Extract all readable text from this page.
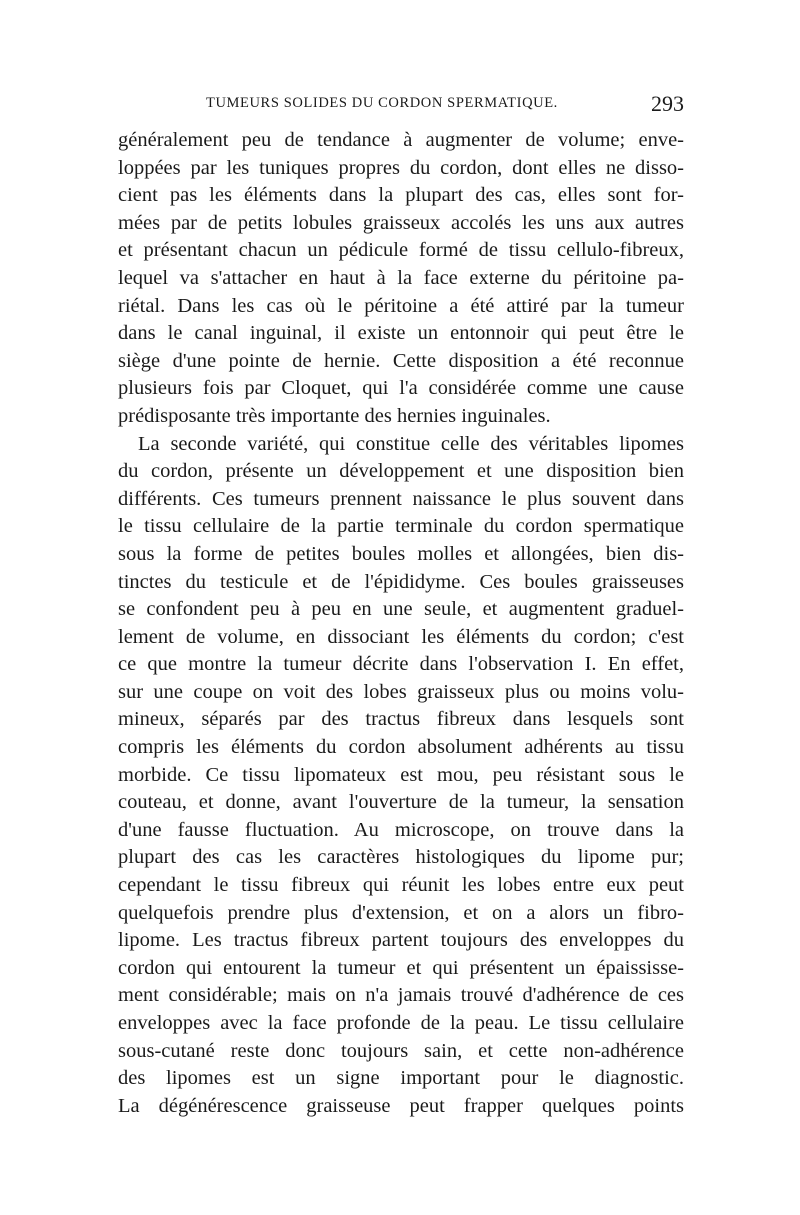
TUMEURS SOLIDES DU CORDON SPERMATIQUE.	293
généralement peu de tendance à augmenter de volume; enve-
loppées par les tuniques propres du cordon, dont elles ne disso-
cient pas les éléments dans la plupart des cas, elles sont for-
mées par de petits lobules graisseux accolés les uns aux autres
et présentant chacun un pédicule formé de tissu cellulo-fibreux,
lequel va s'attacher en haut à la face externe du péritoine pa-
riétal. Dans les cas où le péritoine a été attiré par la tumeur
dans le canal inguinal, il existe un entonnoir qui peut être le
siège d'une pointe de hernie. Cette disposition a été reconnue
plusieurs fois par Cloquet, qui l'a considérée comme une cause
prédisposante très importante des hernies inguinales.
La seconde variété, qui constitue celle des véritables lipomes
du cordon, présente un développement et une disposition bien
différents. Ces tumeurs prennent naissance le plus souvent dans
le tissu cellulaire de la partie terminale du cordon spermatique
sous la forme de petites boules molles et allongées, bien dis-
tinctes du testicule et de l'épididyme. Ces boules graisseuses
se confondent peu à peu en une seule, et augmentent graduel-
lement de volume, en dissociant les éléments du cordon; c'est
ce que montre la tumeur décrite dans l'observation I. En effet,
sur une coupe on voit des lobes graisseux plus ou moins volu-
mineux, séparés par des tractus fibreux dans lesquels sont
compris les éléments du cordon absolument adhérents au tissu
morbide. Ce tissu lipomateux est mou, peu résistant sous le
couteau, et donne, avant l'ouverture de la tumeur, la sensation
d'une fausse fluctuation. Au microscope, on trouve dans la
plupart des cas les caractères histologiques du lipome pur;
cependant le tissu fibreux qui réunit les lobes entre eux peut
quelquefois prendre plus d'extension, et on a alors un fibro-
lipome. Les tractus fibreux partent toujours des enveloppes du
cordon qui entourent la tumeur et qui présentent un épaississe-
ment considérable; mais on n'a jamais trouvé d'adhérence de ces
enveloppes avec la face profonde de la peau. Le tissu cellulaire
sous-cutané reste donc toujours sain, et cette non-adhérence
des lipomes est un signe important pour le diagnostic.
La dégénérescence graisseuse peut frapper quelques points
